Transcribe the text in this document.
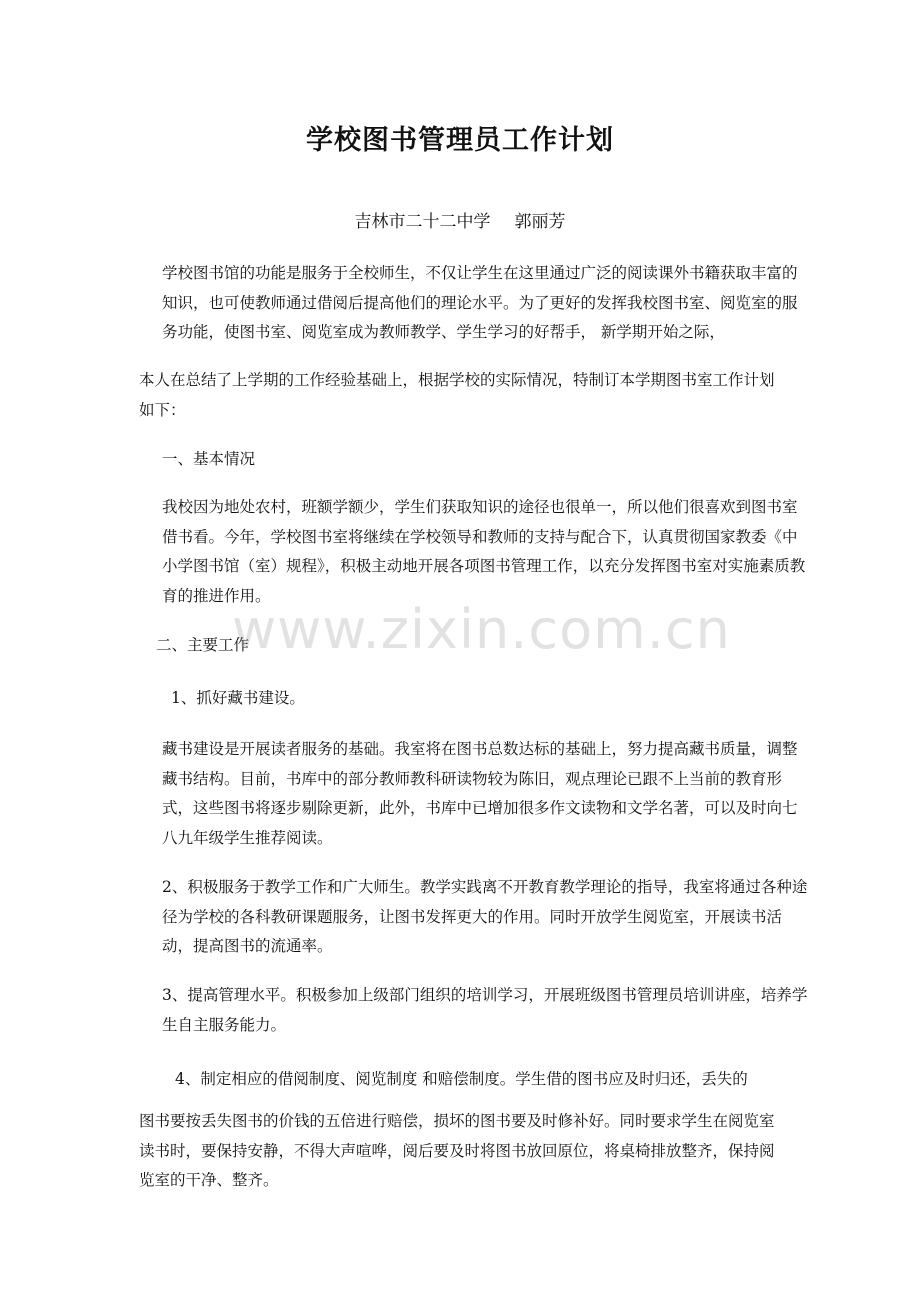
学校图书管理员工作计划
吉林市二十二中学 郭丽芳
学校图书馆的功能是服务于全校师生，不仅让学生在这里通过广泛的阅读课外书籍获取丰富的知识，也可使教师通过借阅后提高他们的理论水平。为了更好的发挥我校图书室、阅览室的服务功能，使图书室、阅览室成为教师教学、学生学习的好帮手， 新学期开始之际，
本人在总结了上学期的工作经验基础上，根据学校的实际情况，特制订本学期图书室工作计划如下：
一、基本情况
我校因为地处农村，班额学额少，学生们获取知识的途径也很单一，所以他们很喜欢到图书室借书看。今年，学校图书室将继续在学校领导和教师的支持与配合下，认真贯彻国家教委《中小学图书馆（室）规程》，积极主动地开展各项图书管理工作，以充分发挥图书室对实施素质教育的推进作用。
二、主要工作
1、抓好藏书建设。
藏书建设是开展读者服务的基础。我室将在图书总数达标的基础上，努力提高藏书质量，调整藏书结构。目前，书库中的部分教师教科研读物较为陈旧，观点理论已跟不上当前的教育形式，这些图书将逐步剔除更新，此外，书库中已增加很多作文读物和文学名著，可以及时向七八九年级学生推荐阅读。
2、积极服务于教学工作和广大师生。教学实践离不开教育教学理论的指导，我室将通过各种途径为学校的各科教研课题服务，让图书发挥更大的作用。同时开放学生阅览室，开展读书活动，提高图书的流通率。
3、提高管理水平。积极参加上级部门组织的培训学习，开展班级图书管理员培训讲座，培养学生自主服务能力。
4、制定相应的借阅制度、阅览制度 和赔偿制度。学生借的图书应及时归还，丢失的
图书要按丢失图书的价钱的五倍进行赔偿，损坏的图书要及时修补好。同时要求学生在阅览室读书时，要保持安静，不得大声喧哗，阅后要及时将图书放回原位，将桌椅排放整齐，保持阅览室的干净、整齐。
www.zixin.com.cn
